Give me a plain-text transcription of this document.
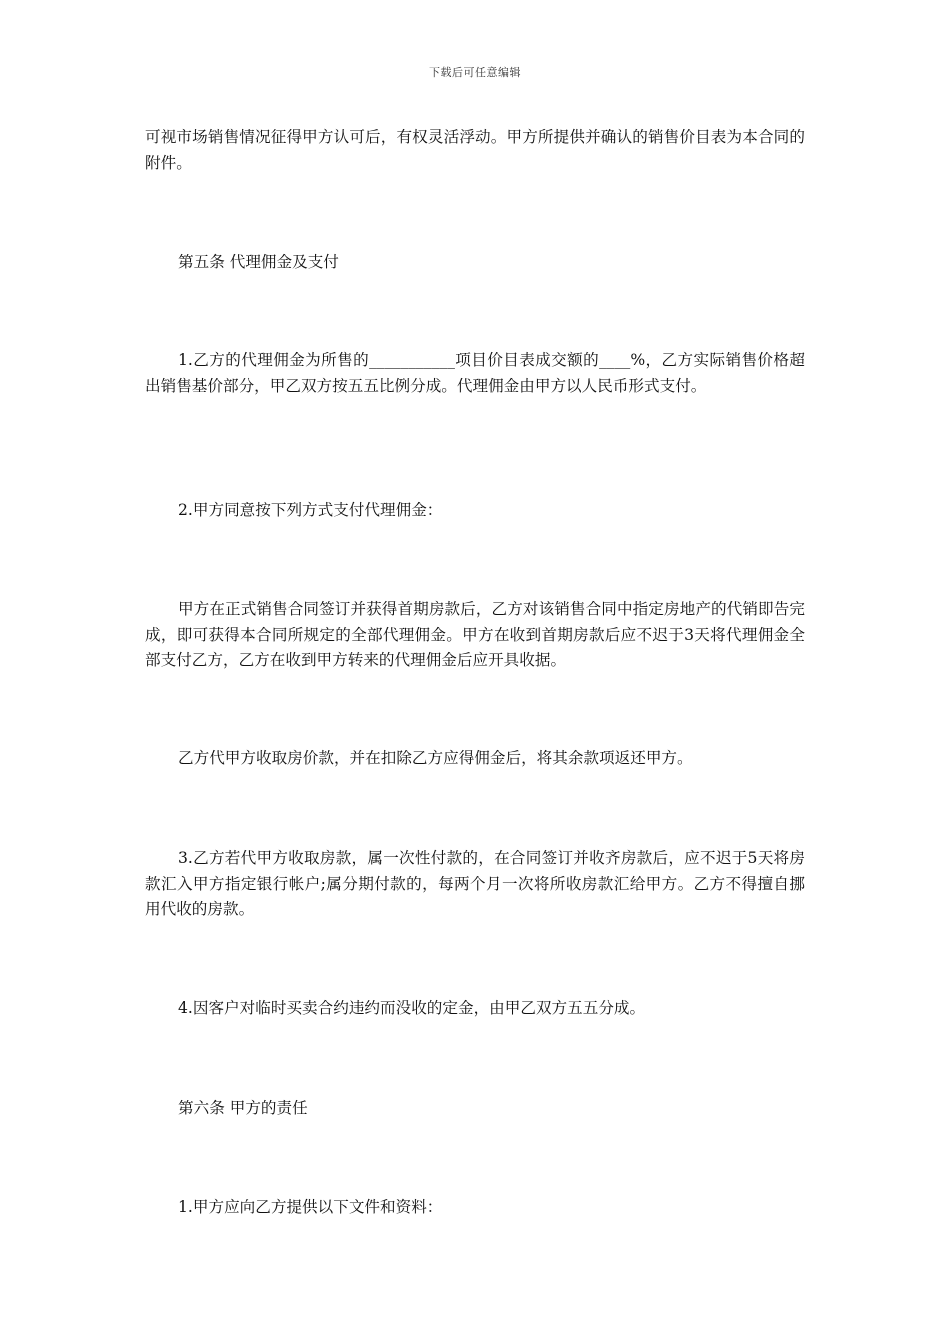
下载后可任意编辑

可视市场销售情况征得甲方认可后，有权灵活浮动。甲方所提供并确认的销售价目表为本合同的附件。

第五条 代理佣金及支付

1.乙方的代理佣金为所售的___________项目价目表成交额的____%，乙方实际销售价格超出销售基价部分，甲乙双方按五五比例分成。代理佣金由甲方以人民币形式支付。

2.甲方同意按下列方式支付代理佣金：

甲方在正式销售合同签订并获得首期房款后，乙方对该销售合同中指定房地产的代销即告完成，即可获得本合同所规定的全部代理佣金。甲方在收到首期房款后应不迟于3天将代理佣金全部支付乙方，乙方在收到甲方转来的代理佣金后应开具收据。

乙方代甲方收取房价款，并在扣除乙方应得佣金后，将其余款项返还甲方。

3.乙方若代甲方收取房款，属一次性付款的，在合同签订并收齐房款后，应不迟于5天将房款汇入甲方指定银行帐户;属分期付款的，每两个月一次将所收房款汇给甲方。乙方不得擅自挪用代收的房款。

4.因客户对临时买卖合约违约而没收的定金，由甲乙双方五五分成。

第六条 甲方的责任

1.甲方应向乙方提供以下文件和资料：
